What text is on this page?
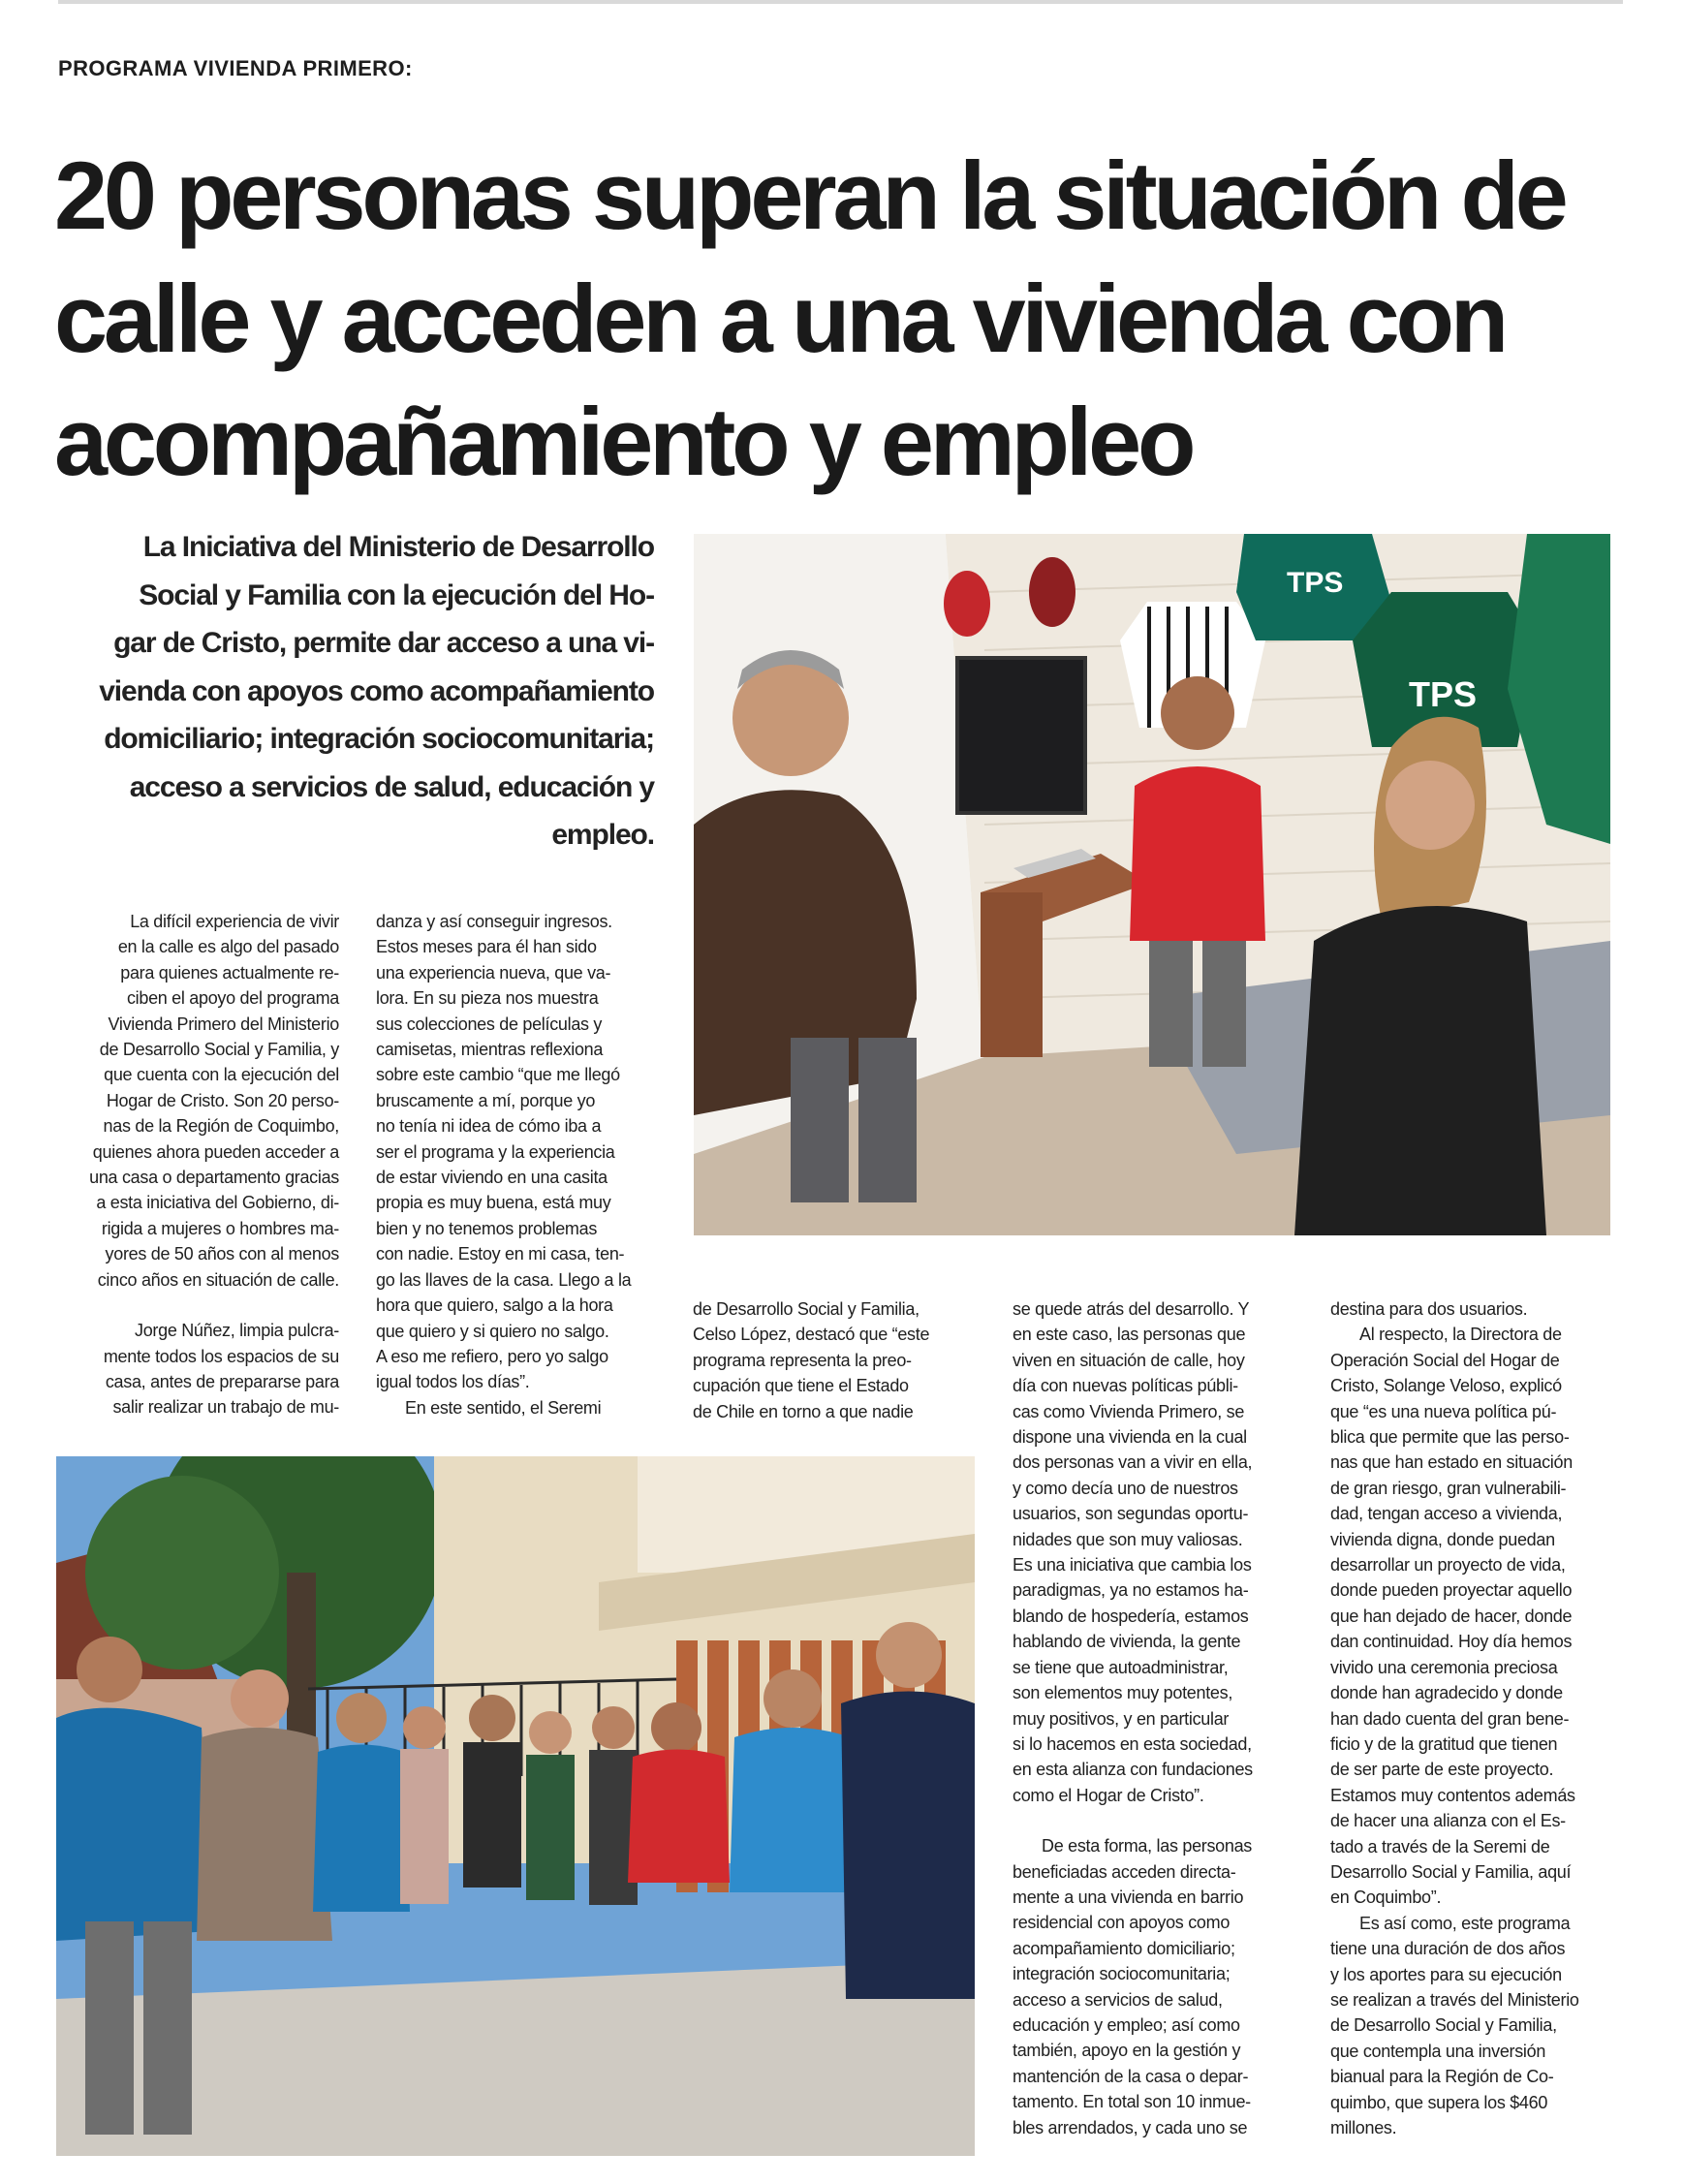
PROGRAMA VIVIENDA PRIMERO:

20 personas superan la situación de
calle y acceden a una vivienda con
acompañamiento y empleo
La Iniciativa del Ministerio de Desarrollo
Social y Familia con la ejecución del Ho-
gar de Cristo, permite dar acceso a una vi-
vienda con apoyos como acompañamiento
domiciliario; integración sociocomunitaria;
acceso a servicios de salud, educación y
empleo.
TPS
TPS
La difícil experiencia de vivir
en la calle es algo del pasado
para quienes actualmente re-
ciben el apoyo del programa
Vivienda Primero del Ministerio
de Desarrollo Social y Familia, y
que cuenta con la ejecución del
Hogar de Cristo. Son 20 perso-
nas de la Región de Coquimbo,
quienes ahora pueden acceder a
una casa o departamento gracias
a esta iniciativa del Gobierno, di-
rigida a mujeres o hombres ma-
yores de 50 años con al menos
cinco años en situación de calle.
Jorge Núñez, limpia pulcra-
mente todos los espacios de su
casa, antes de prepararse para
salir realizar un trabajo de mu-
danza y así conseguir ingresos.
Estos meses para él han sido
una experiencia nueva, que va-
lora. En su pieza nos muestra
sus colecciones de películas y
camisetas, mientras reflexiona
sobre este cambio “que me llegó
bruscamente a mí, porque yo
no tenía ni idea de cómo iba a
ser el programa y la experiencia
de estar viviendo en una casita
propia es muy buena, está muy
bien y no tenemos problemas
con nadie. Estoy en mi casa, ten-
go las llaves de la casa. Llego a la
hora que quiero, salgo a la hora
que quiero y si quiero no salgo.
A eso me refiero, pero yo salgo
igual todos los días”.
En este sentido, el Seremi
de Desarrollo Social y Familia,
Celso López, destacó que “este
programa representa la preo-
cupación que tiene el Estado
de Chile en torno a que nadie
se quede atrás del desarrollo. Y
en este caso, las personas que
viven en situación de calle, hoy
día con nuevas políticas públi-
cas como Vivienda Primero, se
dispone una vivienda en la cual
dos personas van a vivir en ella,
y como decía uno de nuestros
usuarios, son segundas oportu-
nidades que son muy valiosas.
Es una iniciativa que cambia los
paradigmas, ya no estamos ha-
blando de hospedería, estamos
hablando de vivienda, la gente
se tiene que autoadministrar,
son elementos muy potentes,
muy positivos, y en particular
si lo hacemos en esta sociedad,
en esta alianza con fundaciones
como el Hogar de Cristo”.
De esta forma, las personas
beneficiadas acceden directa-
mente a una vivienda en barrio
residencial con apoyos como
acompañamiento domiciliario;
integración sociocomunitaria;
acceso a servicios de salud,
educación y empleo; así como
también, apoyo en la gestión y
mantención de la casa o depar-
tamento. En total son 10 inmue-
bles arrendados, y cada uno se
destina para dos usuarios.
Al respecto, la Directora de
Operación Social del Hogar de
Cristo, Solange Veloso, explicó
que “es una nueva política pú-
blica que permite que las perso-
nas que han estado en situación
de gran riesgo, gran vulnerabili-
dad, tengan acceso a vivienda,
vivienda digna, donde puedan
desarrollar un proyecto de vida,
donde pueden proyectar aquello
que han dejado de hacer, donde
dan continuidad. Hoy día hemos
vivido una ceremonia preciosa
donde han agradecido y donde
han dado cuenta del gran bene-
ficio y de la gratitud que tienen
de ser parte de este proyecto.
Estamos muy contentos además
de hacer una alianza con el Es-
tado a través de la Seremi de
Desarrollo Social y Familia, aquí
en Coquimbo”.
Es así como, este programa
tiene una duración de dos años
y los aportes para su ejecución
se realizan a través del Ministerio
de Desarrollo Social y Familia,
que contempla una inversión
bianual para la Región de Co-
quimbo, que supera los $460
millones.
